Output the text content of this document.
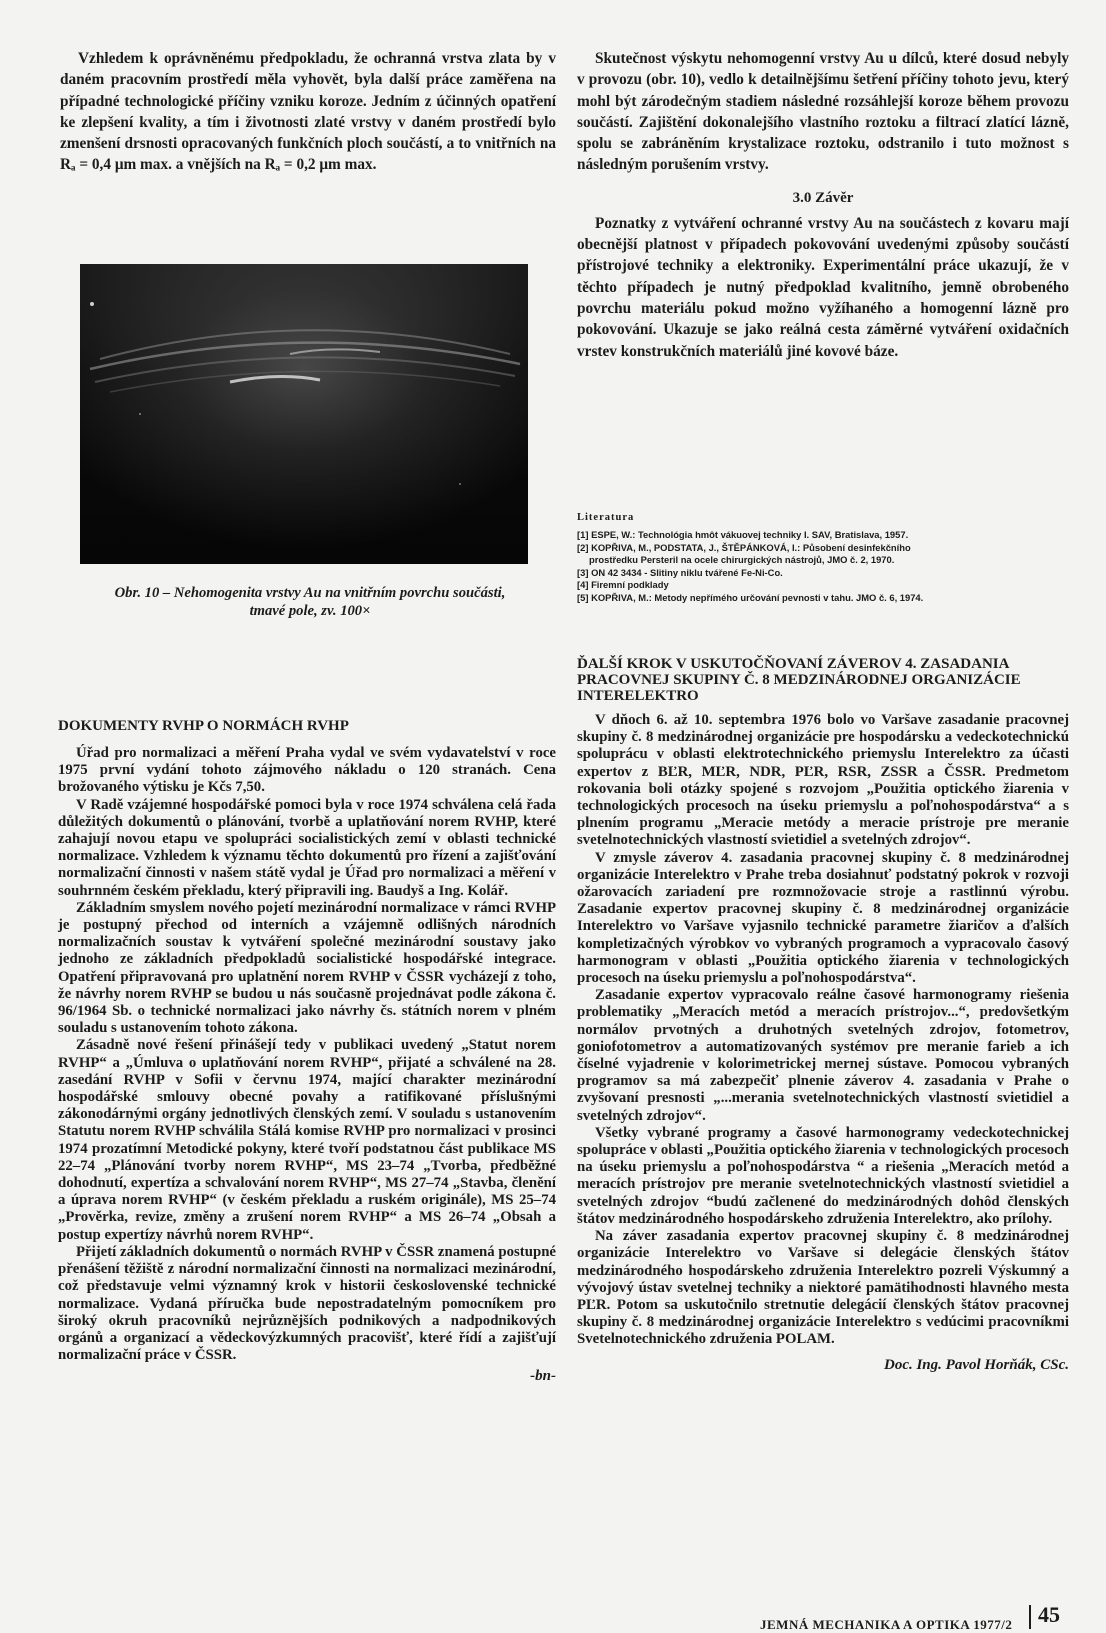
Vzhledem k oprávněnému předpokladu, že ochranná vrstva zlata by v daném pracovním prostředí měla vyhovět, byla další práce zaměřena na případné technologické příčiny vzniku koroze. Jedním z účinných opatření ke zlepšení kvality, a tím i životnosti zlaté vrstvy v daném prostředí bylo zmenšení drsnosti opracovaných funkčních ploch součástí, a to vnitřních na Rₐ = 0,4 μm max. a vnějších na Rₐ = 0,2 μm max.

Obr. 10 – Nehomogenita vrstvy Au na vnitřním povrchu součásti,

tmavé pole, zv. 100×

Skutečnost výskytu nehomogenní vrstvy Au u dílců, které dosud nebyly v provozu (obr. 10), vedlo k detailnějšímu šetření příčiny tohoto jevu, který mohl být zárodečným stadiem následné rozsáhlejší koroze během provozu součástí. Zajištění dokonalejšího vlastního roztoku a filtrací zlatící lázně, spolu se zabráněním krystalizace roztoku, odstranilo i tuto možnost s následným porušením vrstvy.

3.0 Závěr

Poznatky z vytváření ochranné vrstvy Au na součástech z kovaru mají obecnější platnost v případech pokovování uvedenými způsoby součástí přístrojové techniky a elektroniky. Experimentální práce ukazují, že v těchto případech je nutný předpoklad kvalitního, jemně obrobeného povrchu materiálu pokud možno vyžíhaného a homogenní lázně pro pokovování. Ukazuje se jako reálná cesta záměrné vytváření oxidačních vrstev konstrukčních materiálů jiné kovové báze.

Literatura

[1] ESPE, W.: Technológia hmôt vákuovej techniky I. SAV, Bratislava, 1957.

[2] KOPŘIVA, M., PODSTATA, J., ŠTĚPÁNKOVÁ, I.: Působení desinfekčního

prostředku Persteril na ocele chirurgických nástrojů, JMO č. 2, 1970.

[3] ON 42 3434 - Slitiny niklu tvářené Fe-Ni-Co.

[4] Firemní podklady

[5] KOPŘIVA, M.: Metody nepřímého určování pevnosti v tahu. JMO č. 6, 1974.

DOKUMENTY RVHP O NORMÁCH RVHP

Úřad pro normalizaci a měření Praha vydal ve svém vydavatelství v roce 1975 první vydání tohoto zájmového nákladu o 120 stranách. Cena brožovaného výtisku je Kčs 7,50.

V Radě vzájemné hospodářské pomoci byla v roce 1974 schválena celá řada důležitých dokumentů o plánování, tvorbě a uplatňování norem RVHP, které zahajují novou etapu ve spolupráci socialistických zemí v oblasti technické normalizace. Vzhledem k významu těchto dokumentů pro řízení a zajišťování normalizační činnosti v našem státě vydal je Úřad pro normalizaci a měření v souhrnném českém překladu, který připravili ing. Baudyš a Ing. Kolář.

Základním smyslem nového pojetí mezinárodní normalizace v rámci RVHP je postupný přechod od interních a vzájemně odlišných národních normalizačních soustav k vytváření společné mezinárodní soustavy jako jednoho ze základních předpokladů socialistické hospodářské integrace. Opatření připravovaná pro uplatnění norem RVHP v ČSSR vycházejí z toho, že návrhy norem RVHP se budou u nás současně projednávat podle zákona č. 96/1964 Sb. o technické normalizaci jako návrhy čs. státních norem v plném souladu s ustanovením tohoto zákona.

Zásadně nové řešení přinášejí tedy v publikaci uvedený „Statut norem RVHP“ a „Úmluva o uplatňování norem RVHP“, přijaté a schválené na 28. zasedání RVHP v Sofii v červnu 1974, mající charakter mezinárodní hospodářské smlouvy obecné povahy a ratifikované příslušnými zákonodárnými orgány jednotlivých členských zemí. V souladu s ustanovením Statutu norem RVHP schválila Stálá komise RVHP pro normalizaci v prosinci 1974 prozatímní Metodické pokyny, které tvoří podstatnou část publikace MS 22–74 „Plánování tvorby norem RVHP“, MS 23–74 „Tvorba, předběžné dohodnutí, expertíza a schvalování norem RVHP“, MS 27–74 „Stavba, členění a úprava norem RVHP“ (v českém překladu a ruském originále), MS 25–74 „Prověrka, revize, změny a zrušení norem RVHP“ a MS 26–74 „Obsah a postup expertízy návrhů norem RVHP“.

Přijetí základních dokumentů o normách RVHP v ČSSR znamená postupné přenášení těžiště z národní normalizační činnosti na normalizaci mezinárodní, což představuje velmi významný krok v historii československé technické normalizace. Vydaná příručka bude nepostradatelným pomocníkem pro široký okruh pracovníků nejrůznějších podnikových a nadpodnikových orgánů a organizací a vědeckovýzkumných pracovišť, které řídí a zajišťují normalizační práce v ČSSR.

-bn-

ĎALŠÍ KROK V USKUTOČŇOVANÍ ZÁVEROV 4. ZASADANIA PRACOVNEJ SKUPINY Č. 8 MEDZINÁRODNEJ ORGANIZÁCIE INTERELEKTRO

V dňoch 6. až 10. septembra 1976 bolo vo Varšave zasadanie pracovnej skupiny č. 8 medzinárodnej organizácie pre hospodársku a vedeckotechnickú spoluprácu v oblasti elektrotechnického priemyslu Interelektro za účasti expertov z BĽR, MĽR, NDR, PĽR, RSR, ZSSR a ČSSR. Predmetom rokovania boli otázky spojené s rozvojom „Použitia optického žiarenia v technologických procesoch na úseku priemyslu a poľnohospodárstva“ a s plnením programu „Meracie metódy a meracie prístroje pre meranie svetelnotechnických vlastností svietidiel a svetelných zdrojov“.

V zmysle záverov 4. zasadania pracovnej skupiny č. 8 medzinárodnej organizácie Interelektro v Prahe treba dosiahnuť podstatný pokrok v rozvoji ožarovacích zariadení pre rozmnožovacie stroje a rastlinnú výrobu. Zasadanie expertov pracovnej skupiny č. 8 medzinárodnej organizácie Interelektro vo Varšave vyjasnilo technické parametre žiaričov a ďalších kompletizačných výrobkov vo vybraných programoch a vypracovalo časový harmonogram v oblasti „Použitia optického žiarenia v technologických procesoch na úseku priemyslu a poľnohospodárstva“.

Zasadanie expertov vypracovalo reálne časové harmonogramy riešenia problematiky „Meracích metód a meracích prístrojov...“, predovšetkým normálov prvotných a druhotných svetelných zdrojov, fotometrov, goniofotometrov a automatizovaných systémov pre meranie farieb a ich číselné vyjadrenie v kolorimetrickej mernej sústave. Pomocou vybraných programov sa má zabezpečiť plnenie záverov 4. zasadania v Prahe o zvyšovaní presnosti „...merania svetelnotechnických vlastností svietidiel a svetelných zdrojov“.

Všetky vybrané programy a časové harmonogramy vedeckotechnickej spolupráce v oblasti „Použitia optického žiarenia v technologických procesoch na úseku priemyslu a poľnohospodárstva “ a riešenia „Meracích metód a meracích prístrojov pre meranie svetelnotechnických vlastností svietidiel a svetelných zdrojov “budú začlenené do medzinárodných dohôd členských štátov medzinárodného hospodárskeho združenia Interelektro, ako prílohy.

Na záver zasadania expertov pracovnej skupiny č. 8 medzinárodnej organizácie Interelektro vo Varšave si delegácie členských štátov medzinárodného hospodárskeho združenia Interelektro pozreli Výskumný a vývojový ústav svetelnej techniky a niektoré pamätihodnosti hlavného mesta PĽR. Potom sa uskutočnilo stretnutie delegácií členských štátov pracovnej skupiny č. 8 medzinárodnej organizácie Interelektro s vedúcimi pracovníkmi Svetelnotechnického združenia POLAM.

Doc. Ing. Pavol Horňák, CSc.

JEMNÁ MECHANIKA A OPTIKA 1977/2 45
